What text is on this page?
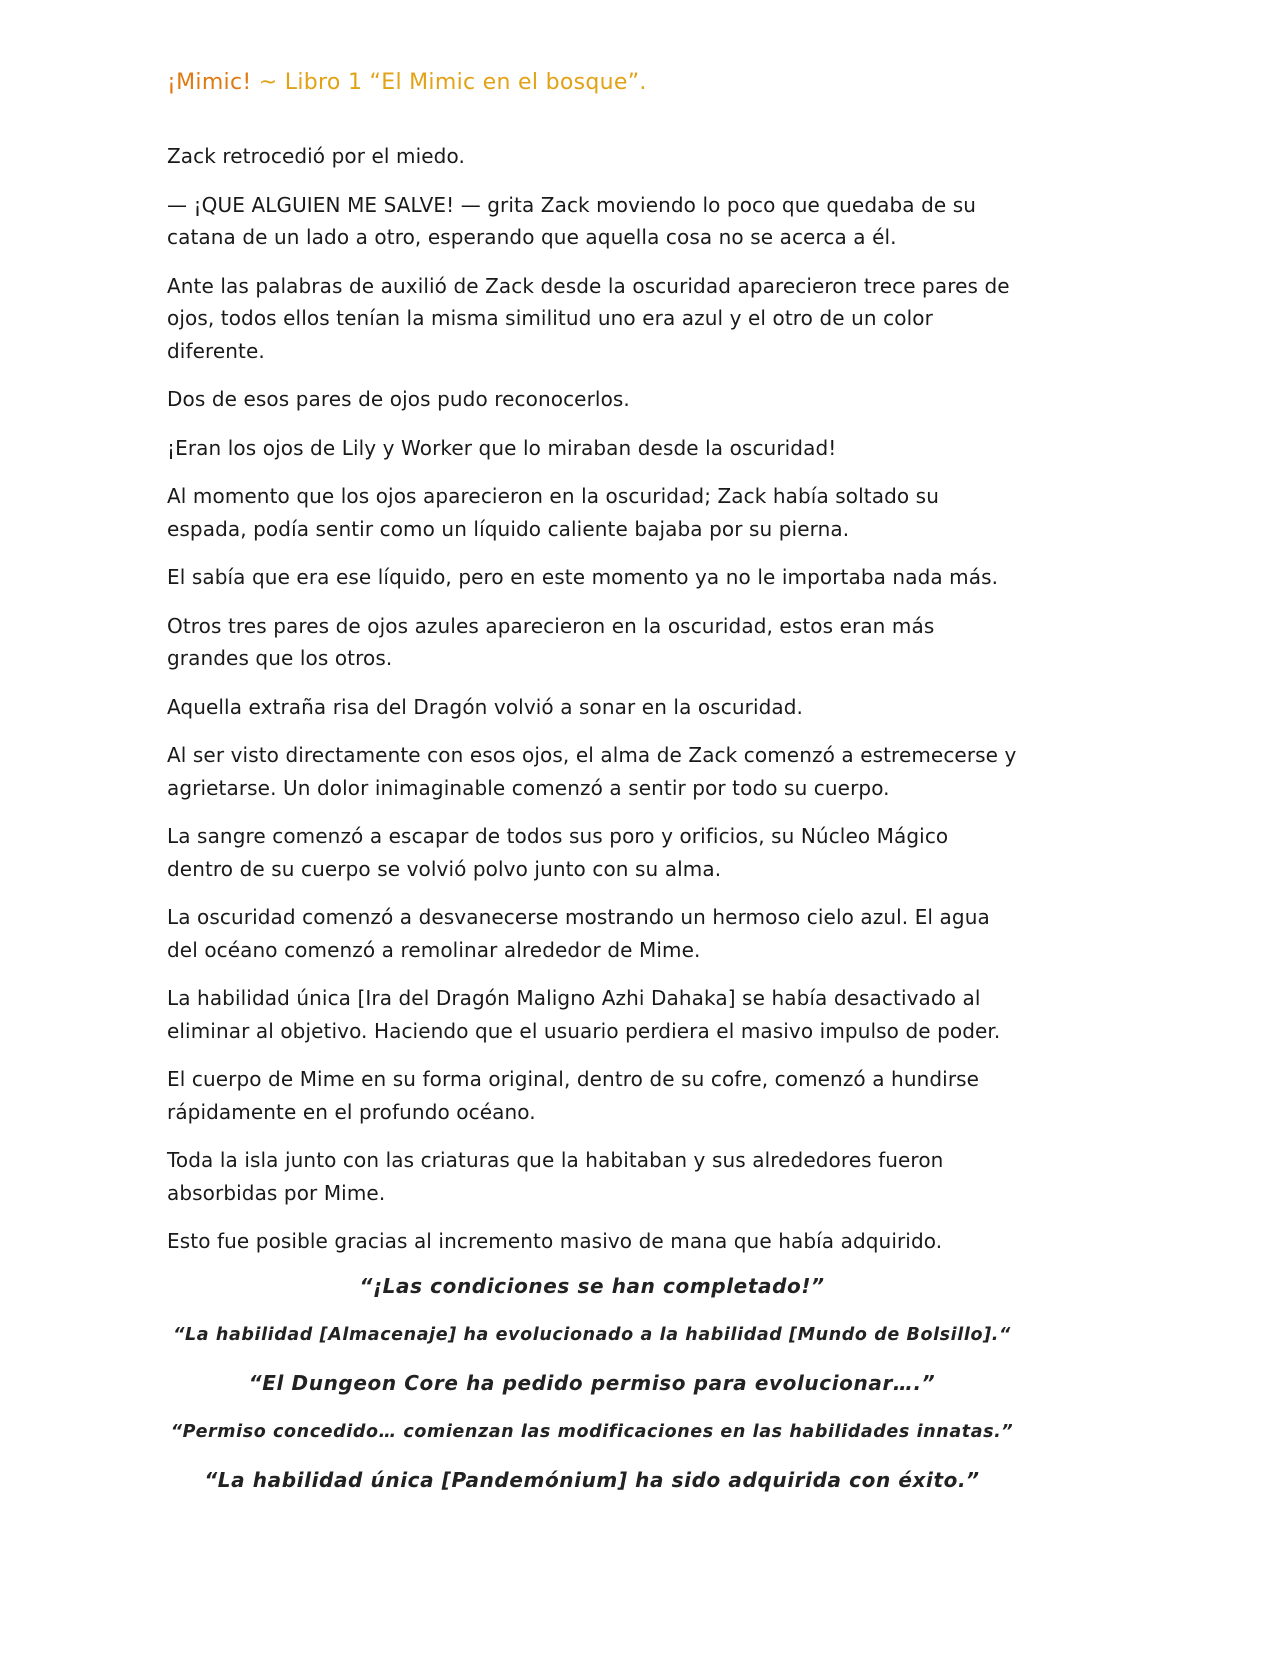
¡Mimic! ~ Libro 1 “El Mimic en el bosque”.

Zack retrocedió por el miedo.

— ¡QUE ALGUIEN ME SALVE! — grita Zack moviendo lo poco que quedaba de su catana de un lado a otro, esperando que aquella cosa no se acerca a él.

Ante las palabras de auxilió de Zack desde la oscuridad aparecieron trece pares de ojos, todos ellos tenían la misma similitud uno era azul y el otro de un color diferente.

Dos de esos pares de ojos pudo reconocerlos.

¡Eran los ojos de Lily y Worker que lo miraban desde la oscuridad!

Al momento que los ojos aparecieron en la oscuridad; Zack había soltado su espada, podía sentir como un líquido caliente bajaba por su pierna.

El sabía que era ese líquido, pero en este momento ya no le importaba nada más.

Otros tres pares de ojos azules aparecieron en la oscuridad, estos eran más grandes que los otros.

Aquella extraña risa del Dragón volvió a sonar en la oscuridad.

Al ser visto directamente con esos ojos, el alma de Zack comenzó a estremecerse y agrietarse. Un dolor inimaginable comenzó a sentir por todo su cuerpo.

La sangre comenzó a escapar de todos sus poro y orificios, su Núcleo Mágico dentro de su cuerpo se volvió polvo junto con su alma.

La oscuridad comenzó a desvanecerse mostrando un hermoso cielo azul. El agua del océano comenzó a remolinar alrededor de Mime.

La habilidad única [Ira del Dragón Maligno Azhi Dahaka] se había desactivado al eliminar al objetivo. Haciendo que el usuario perdiera el masivo impulso de poder.

El cuerpo de Mime en su forma original, dentro de su cofre, comenzó a hundirse rápidamente en el profundo océano.

Toda la isla junto con las criaturas que la habitaban y sus alrededores fueron absorbidas por Mime.

Esto fue posible gracias al incremento masivo de mana que había adquirido.

“¡Las condiciones se han completado!”

“La habilidad [Almacenaje] ha evolucionado a la habilidad [Mundo de Bolsillo].“

“El Dungeon Core ha pedido permiso para evolucionar….”

“Permiso concedido… comienzan las modificaciones en las habilidades innatas.”

“La habilidad única [Pandemónium] ha sido adquirida con éxito.”
